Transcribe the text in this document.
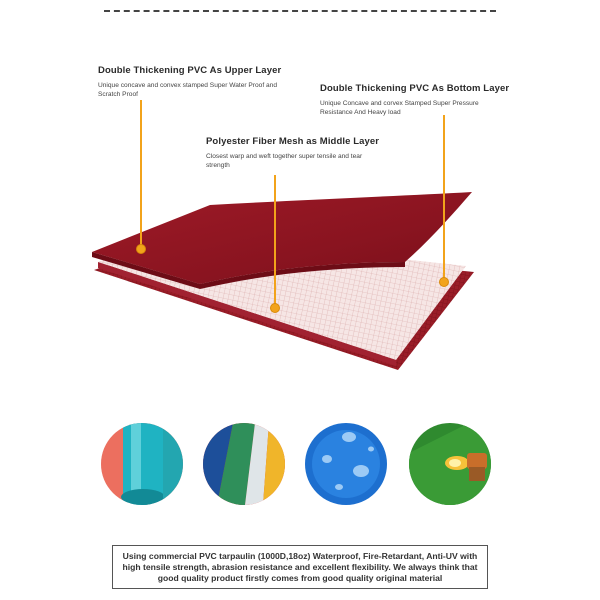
Double Thickening PVC As Upper Layer

Unique concave and convex stamped Super Water Proof and Scratch Proof

Double Thickening PVC As Bottom Layer

Unique Concave and corvex Stamped Super Pressure Resistance And Heavy load

Polyester Fiber Mesh as Middle Layer

Closest warp and weft together super tensile and tear strength

Using commercial PVC tarpaulin (1000D,18oz) Waterproof, Fire-Retardant, Anti-UV with high tensile strength, abrasion resistance and excellent flexibility. We always think that good quality product firstly comes from good quality original material
